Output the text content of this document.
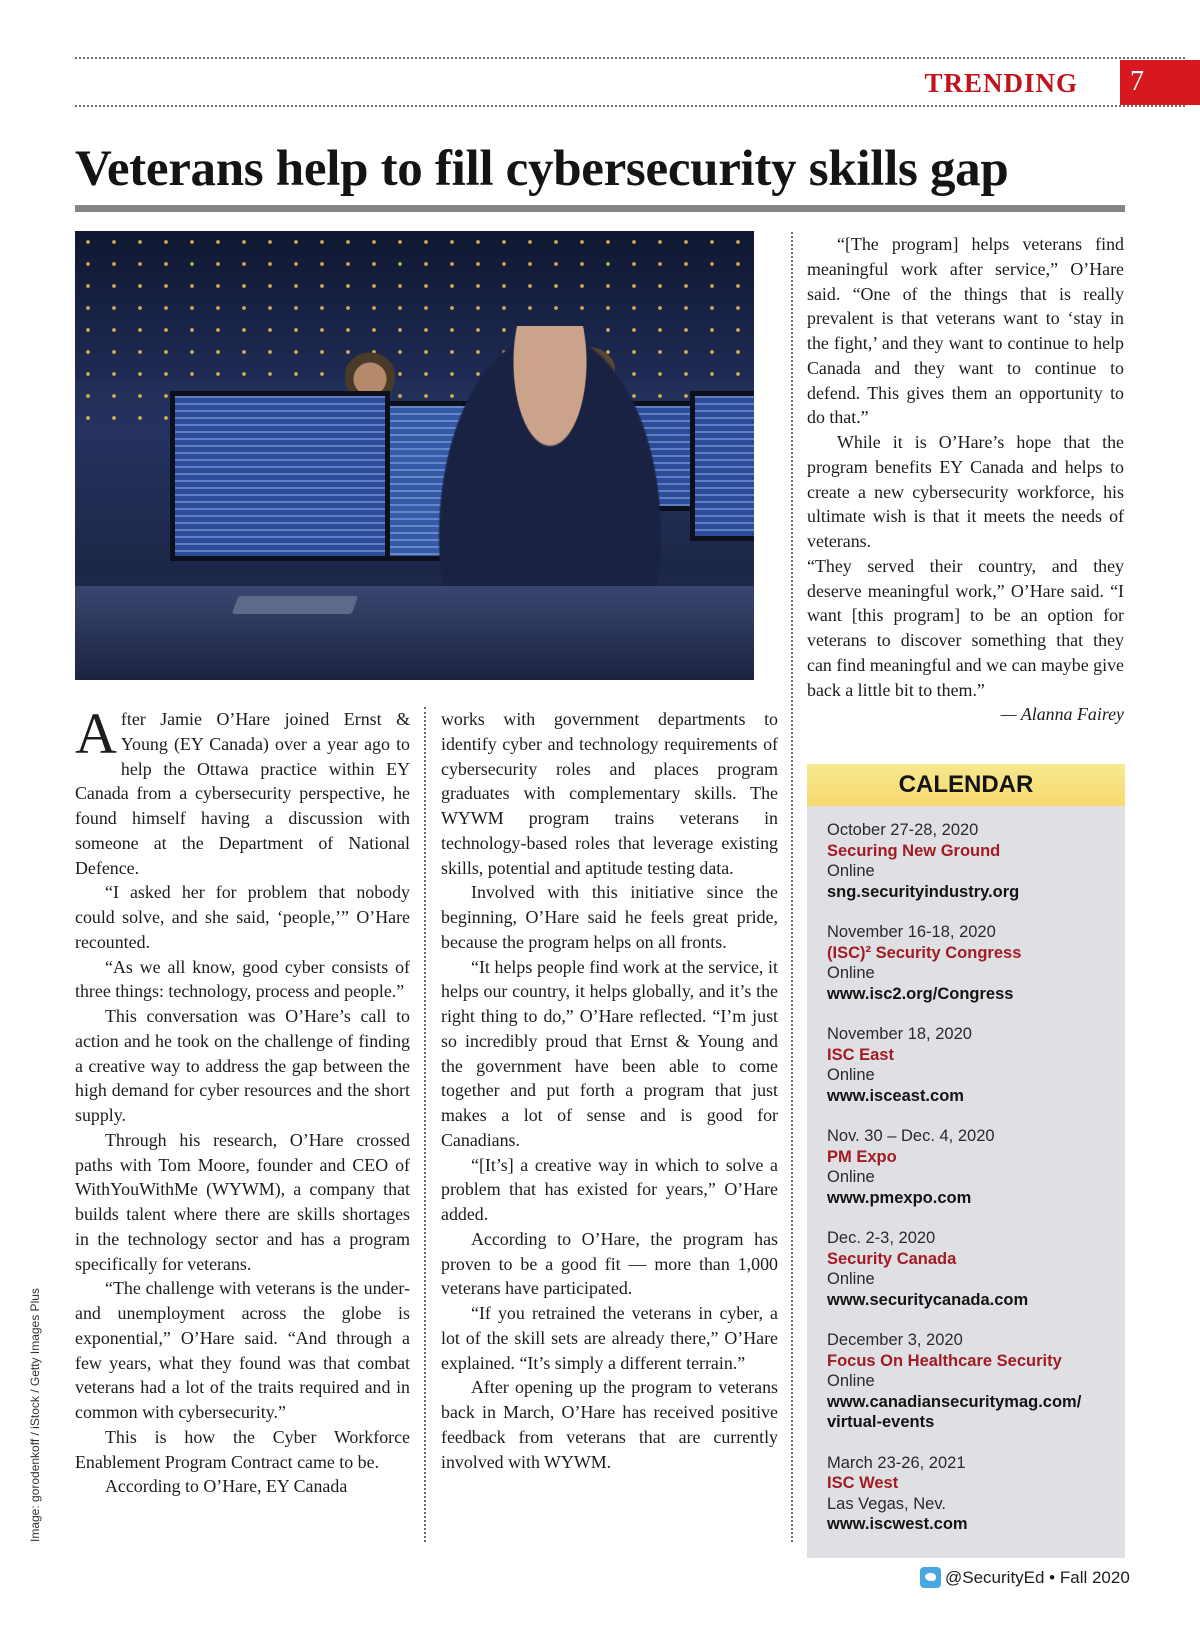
TRENDING	7
Veterans help to fill cybersecurity skills gap

After Jamie O’Hare joined Ernst & Young (EY Canada) over a year ago to help the Ottawa practice within EY Canada from a cybersecurity perspective, he found himself having a discussion with someone at the Department of National Defence.

“I asked her for problem that nobody could solve, and she said, ‘people,’” O’Hare recounted.

“As we all know, good cyber consists of three things: technology, process and people.”

This conversation was O’Hare’s call to action and he took on the challenge of finding a creative way to address the gap between the high demand for cyber resources and the short supply.

Through his research, O’Hare crossed paths with Tom Moore, founder and CEO of WithYouWithMe (WYWM), a company that builds talent where there are skills shortages in the technology sector and has a program specifically for veterans.

“The challenge with veterans is the under- and unemployment across the globe is exponential,” O’Hare said. “And through a few years, what they found was that combat veterans had a lot of the traits required and in common with cybersecurity.”

This is how the Cyber Workforce Enablement Program Contract came to be.

According to O’Hare, EY Canada

works with government departments to identify cyber and technology requirements of cybersecurity roles and places program graduates with complementary skills. The WYWM program trains veterans in technology-based roles that leverage existing skills, potential and aptitude testing data.

Involved with this initiative since the beginning, O’Hare said he feels great pride, because the program helps on all fronts.

“It helps people find work at the service, it helps our country, it helps globally, and it’s the right thing to do,” O’Hare reflected. “I’m just so incredibly proud that Ernst & Young and the government have been able to come together and put forth a program that just makes a lot of sense and is good for Canadians.

“[It’s] a creative way in which to solve a problem that has existed for years,” O’Hare added.

According to O’Hare, the program has proven to be a good fit — more than 1,000 veterans have participated.

“If you retrained the veterans in cyber, a lot of the skill sets are already there,” O’Hare explained. “It’s simply a different terrain.”

After opening up the program to veterans back in March, O’Hare has received positive feedback from veterans that are currently involved with WYWM.

“[The program] helps veterans find meaningful work after service,” O’Hare said. “One of the things that is really prevalent is that veterans want to ‘stay in the fight,’ and they want to continue to help Canada and they want to continue to defend. This gives them an opportunity to do that.”

While it is O’Hare’s hope that the program benefits EY Canada and helps to create a new cybersecurity workforce, his ultimate wish is that it meets the needs of veterans.

“They served their country, and they deserve meaningful work,” O’Hare said. “I want [this program] to be an option for veterans to discover something that they can find meaningful and we can maybe give back a little bit to them.”

— Alanna Fairey

CALENDAR
October 27-28, 2020
Securing New Ground
Online
sng.securityindustry.org
November 16-18, 2020
(ISC)² Security Congress
Online
www.isc2.org/Congress
November 18, 2020
ISC East
Online
www.isceast.com
Nov. 30 – Dec. 4, 2020
PM Expo
Online
www.pmexpo.com
Dec. 2-3, 2020
Security Canada
Online
www.securitycanada.com
December 3, 2020
Focus On Healthcare Security
Online
www.canadiansecuritymag.com/ virtual-events
March 23-26, 2021
ISC West
Las Vegas, Nev.
www.iscwest.com
Image: gorodenkoff / iStock / Getty Images Plus
@SecurityEd • Fall 2020
